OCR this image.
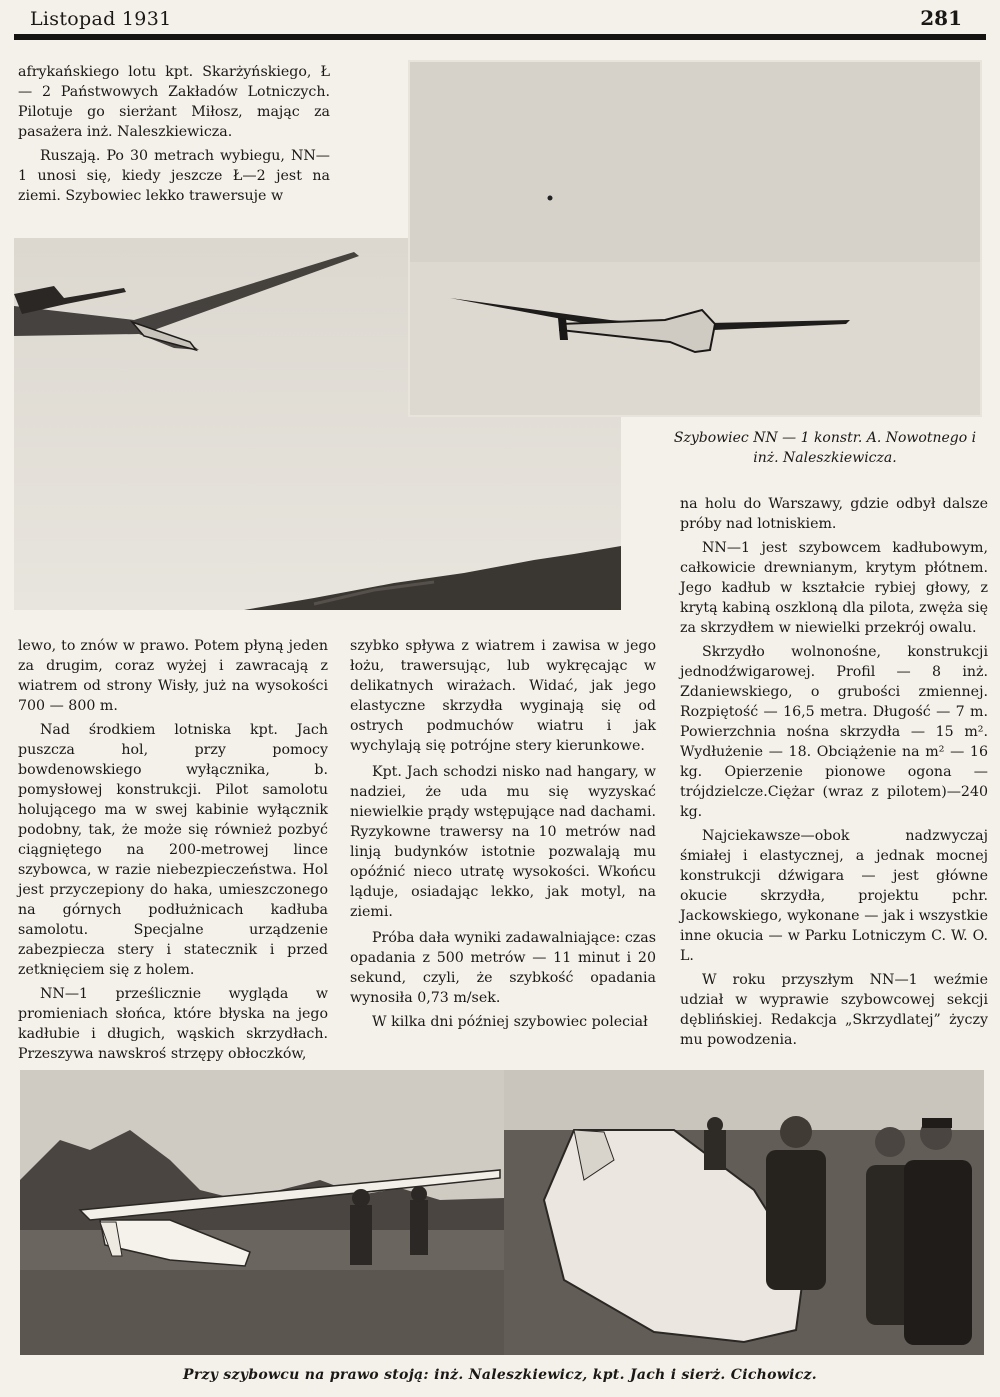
Listopad 1931	281

afrykańskiego lotu kpt. Skarżyńskiego, Ł — 2 Państwowych Zakładów Lotniczych. Pilotuje go sierżant Miłosz, mając za pasażera inż. Naleszkiewicza.

Ruszają. Po 30 metrach wybiegu, NN—1 unosi się, kiedy jeszcze Ł—2 jest na ziemi. Szybowiec lekko trawersuje w

Szybowiec NN — 1 konstr. A. Nowotnego i inż. Naleszkiewicza.

lewo, to znów w prawo. Potem płyną jeden za drugim, coraz wyżej i zawracają z wiatrem od strony Wisły, już na wysokości 700 — 800 m.

Nad środkiem lotniska kpt. Jach puszcza hol, przy pomocy bowdenowskiego wyłącznika, b. pomysłowej konstrukcji. Pilot samolotu holującego ma w swej kabinie wyłącznik podobny, tak, że może się również pozbyć ciągniętego na 200-metrowej lince szybowca, w razie niebezpieczeństwa. Hol jest przyczepiony do haka, umieszczonego na górnych podłużnicach kadłuba samolotu. Specjalne urządzenie zabezpiecza stery i statecznik i przed zetknięciem się z holem.

NN—1 prześlicznie wygląda w promieniach słońca, które błyska na jego kadłubie i długich, wąskich skrzydłach. Przeszywa nawskroś strzępy obłoczków,

szybko spływa z wiatrem i zawisa w jego łożu, trawersując, lub wykręcając w delikatnych wirażach. Widać, jak jego elastyczne skrzydła wyginają się od ostrych podmuchów wiatru i jak wychylają się potrójne stery kierunkowe.

Kpt. Jach schodzi nisko nad hangary, w nadziei, że uda mu się wyzyskać niewielkie prądy wstępujące nad dachami. Ryzykowne trawersy na 10 metrów nad linją budynków istotnie pozwalają mu opóźnić nieco utratę wysokości. Wkońcu ląduje, osiadając lekko, jak motyl, na ziemi.

Próba dała wyniki zadawalniające: czas opadania z 500 metrów — 11 minut i 20 sekund, czyli, że szybkość opadania wynosiła 0,73 m/sek.

W kilka dni później szybowiec poleciał

na holu do Warszawy, gdzie odbył dalsze próby nad lotniskiem.

NN—1 jest szybowcem kadłubowym, całkowicie drewnianym, krytym płótnem. Jego kadłub w kształcie rybiej głowy, z krytą kabiną oszkloną dla pilota, zwęża się za skrzydłem w niewielki przekrój owalu.

Skrzydło wolnonośne, konstrukcji jednodźwigarowej. Profil — 8 inż. Zdaniewskiego, o grubości zmiennej. Rozpiętość — 16,5 metra. Długość — 7 m. Powierzchnia nośna skrzydła — 15 m². Wydłużenie — 18. Obciążenie na m² — 16 kg. Opierzenie pionowe ogona — trójdzielcze.Ciężar (wraz z pilotem)—240 kg.

Najciekawsze—obok nadzwyczaj śmiałej i elastycznej, a jednak mocnej konstrukcji dźwigara — jest główne okucie skrzydła, projektu pchr. Jackowskiego, wykonane — jak i wszystkie inne okucia — w Parku Lotniczym C. W. O. L.

W roku przyszłym NN—1 weźmie udział w wyprawie szybowcowej sekcji dęblińskiej. Redakcja „Skrzydlatej” życzy mu powodzenia.

Przy szybowcu na prawo stoją: inż. Naleszkiewicz, kpt. Jach i sierż. Cichowicz.
